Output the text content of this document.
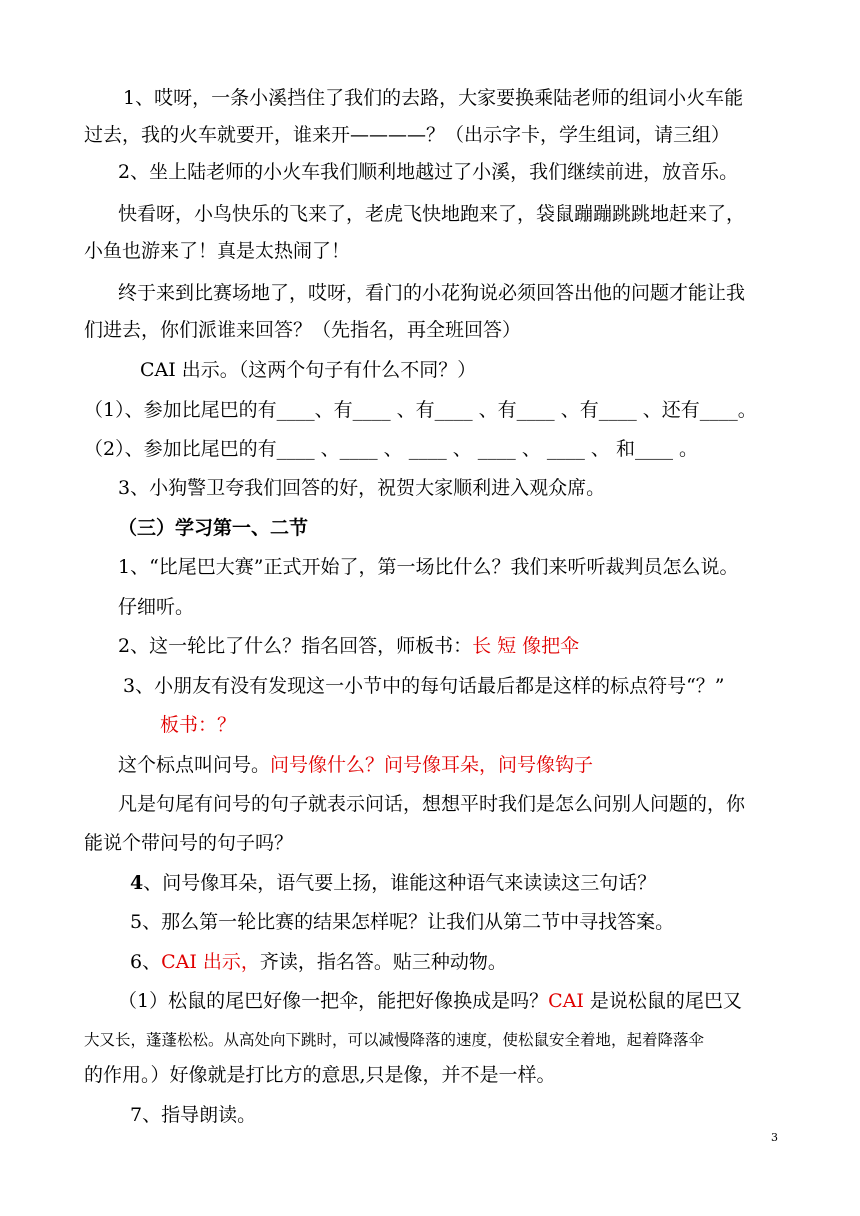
1、哎呀，一条小溪挡住了我们的去路，大家要换乘陆老师的组词小火车能
过去，我的火车就要开，谁来开————？（出示字卡，学生组词，请三组）
2、坐上陆老师的小火车我们顺利地越过了小溪，我们继续前进，放音乐。
快看呀，小鸟快乐的飞来了，老虎飞快地跑来了，袋鼠蹦蹦跳跳地赶来了，
小鱼也游来了！真是太热闹了！
终于来到比赛场地了，哎呀，看门的小花狗说必须回答出他的问题才能让我
们进去，你们派谁来回答？（先指名，再全班回答）
CAI 出示。（这两个句子有什么不同？）
（1）、参加比尾巴的有____、有____ 、有____ 、有____ 、有____ 、还有____。
（2）、参加比尾巴的有____ 、____ 、 ____ 、 ____ 、 ____ 、 和____ 。
3、小狗警卫夸我们回答的好，祝贺大家顺利进入观众席。
（三）学习第一、二节
1、“比尾巴大赛”正式开始了，第一场比什么？我们来听听裁判员怎么说。
仔细听。
2、这一轮比了什么？指名回答，师板书：长 短 像把伞
3、小朋友有没有发现这一小节中的每句话最后都是这样的标点符号“？”
板书：？
这个标点叫问号。问号像什么？问号像耳朵，问号像钩子
凡是句尾有问号的句子就表示问话，想想平时我们是怎么问别人问题的，你
能说个带问号的句子吗？
4、问号像耳朵，语气要上扬，谁能这种语气来读读这三句话？
5、那么第一轮比赛的结果怎样呢？让我们从第二节中寻找答案。
6、CAI 出示，齐读，指名答。贴三种动物。
（1）松鼠的尾巴好像一把伞，能把好像换成是吗？CAI 是说松鼠的尾巴又
大又长，蓬蓬松松。从高处向下跳时，可以减慢降落的速度，使松鼠安全着地，起着降落伞
的作用。）好像就是打比方的意思,只是像，并不是一样。
7、指导朗读。
3
